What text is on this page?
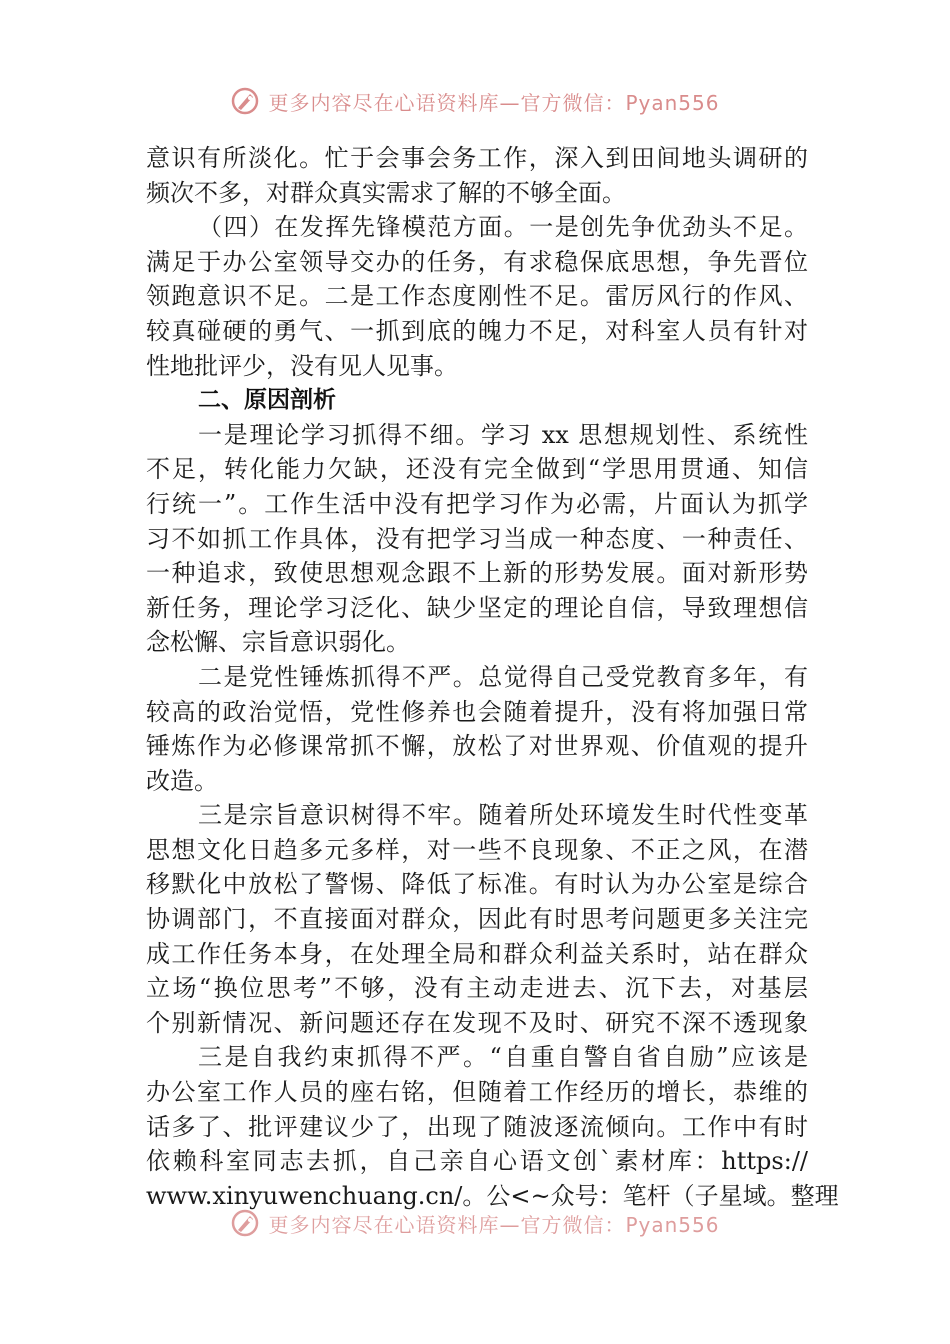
更多内容尽在心语资料库—官方微信：Pyan556
意识有所淡化。忙于会事会务工作，深入到田间地头调研的
频次不多，对群众真实需求了解的不够全面。
（四）在发挥先锋模范方面。一是创先争优劲头不足。
满足于办公室领导交办的任务，有求稳保底思想，争先晋位
领跑意识不足。二是工作态度刚性不足。雷厉风行的作风、
较真碰硬的勇气、一抓到底的魄力不足，对科室人员有针对
性地批评少，没有见人见事。
二、原因剖析
一是理论学习抓得不细。学习 xx 思想规划性、系统性
不足，转化能力欠缺，还没有完全做到“学思用贯通、知信
行统一”。工作生活中没有把学习作为必需，片面认为抓学
习不如抓工作具体，没有把学习当成一种态度、一种责任、
一种追求，致使思想观念跟不上新的形势发展。面对新形势
新任务，理论学习泛化、缺少坚定的理论自信，导致理想信
念松懈、宗旨意识弱化。
二是党性锤炼抓得不严。总觉得自己受党教育多年，有
较高的政治觉悟，党性修养也会随着提升，没有将加强日常
锤炼作为必修课常抓不懈，放松了对世界观、价值观的提升
改造。
三是宗旨意识树得不牢。随着所处环境发生时代性变革
思想文化日趋多元多样，对一些不良现象、不正之风，在潜
移默化中放松了警惕、降低了标准。有时认为办公室是综合
协调部门，不直接面对群众，因此有时思考问题更多关注完
成工作任务本身，在处理全局和群众利益关系时，站在群众
立场“换位思考”不够，没有主动走进去、沉下去，对基层
个别新情况、新问题还存在发现不及时、研究不深不透现象
三是自我约束抓得不严。“自重自警自省自励”应该是
办公室工作人员的座右铭，但随着工作经历的增长，恭维的
话多了、批评建议少了，出现了随波逐流倾向。工作中有时
依赖科室同志去抓，自己亲自心语文创`素材库：https://
www.xinyuwenchuang.cn/。公<~众号：笔杆（子星域。整理
更多内容尽在心语资料库—官方微信：Pyan556
